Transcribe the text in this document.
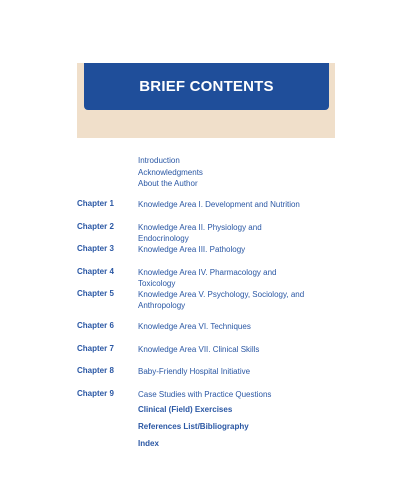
BRIEF CONTENTS
Introduction
Acknowledgments
About the Author
Chapter 1	Knowledge Area I. Development and Nutrition
Chapter 2	Knowledge Area II. Physiology and Endocrinology
Chapter 3	Knowledge Area III. Pathology
Chapter 4	Knowledge Area IV. Pharmacology and Toxicology
Chapter 5	Knowledge Area V. Psychology, Sociology, and Anthropology
Chapter 6	Knowledge Area VI. Techniques
Chapter 7	Knowledge Area VII. Clinical Skills
Chapter 8	Baby-Friendly Hospital Initiative
Chapter 9	Case Studies with Practice Questions
Clinical (Field) Exercises
References List/Bibliography
Index
